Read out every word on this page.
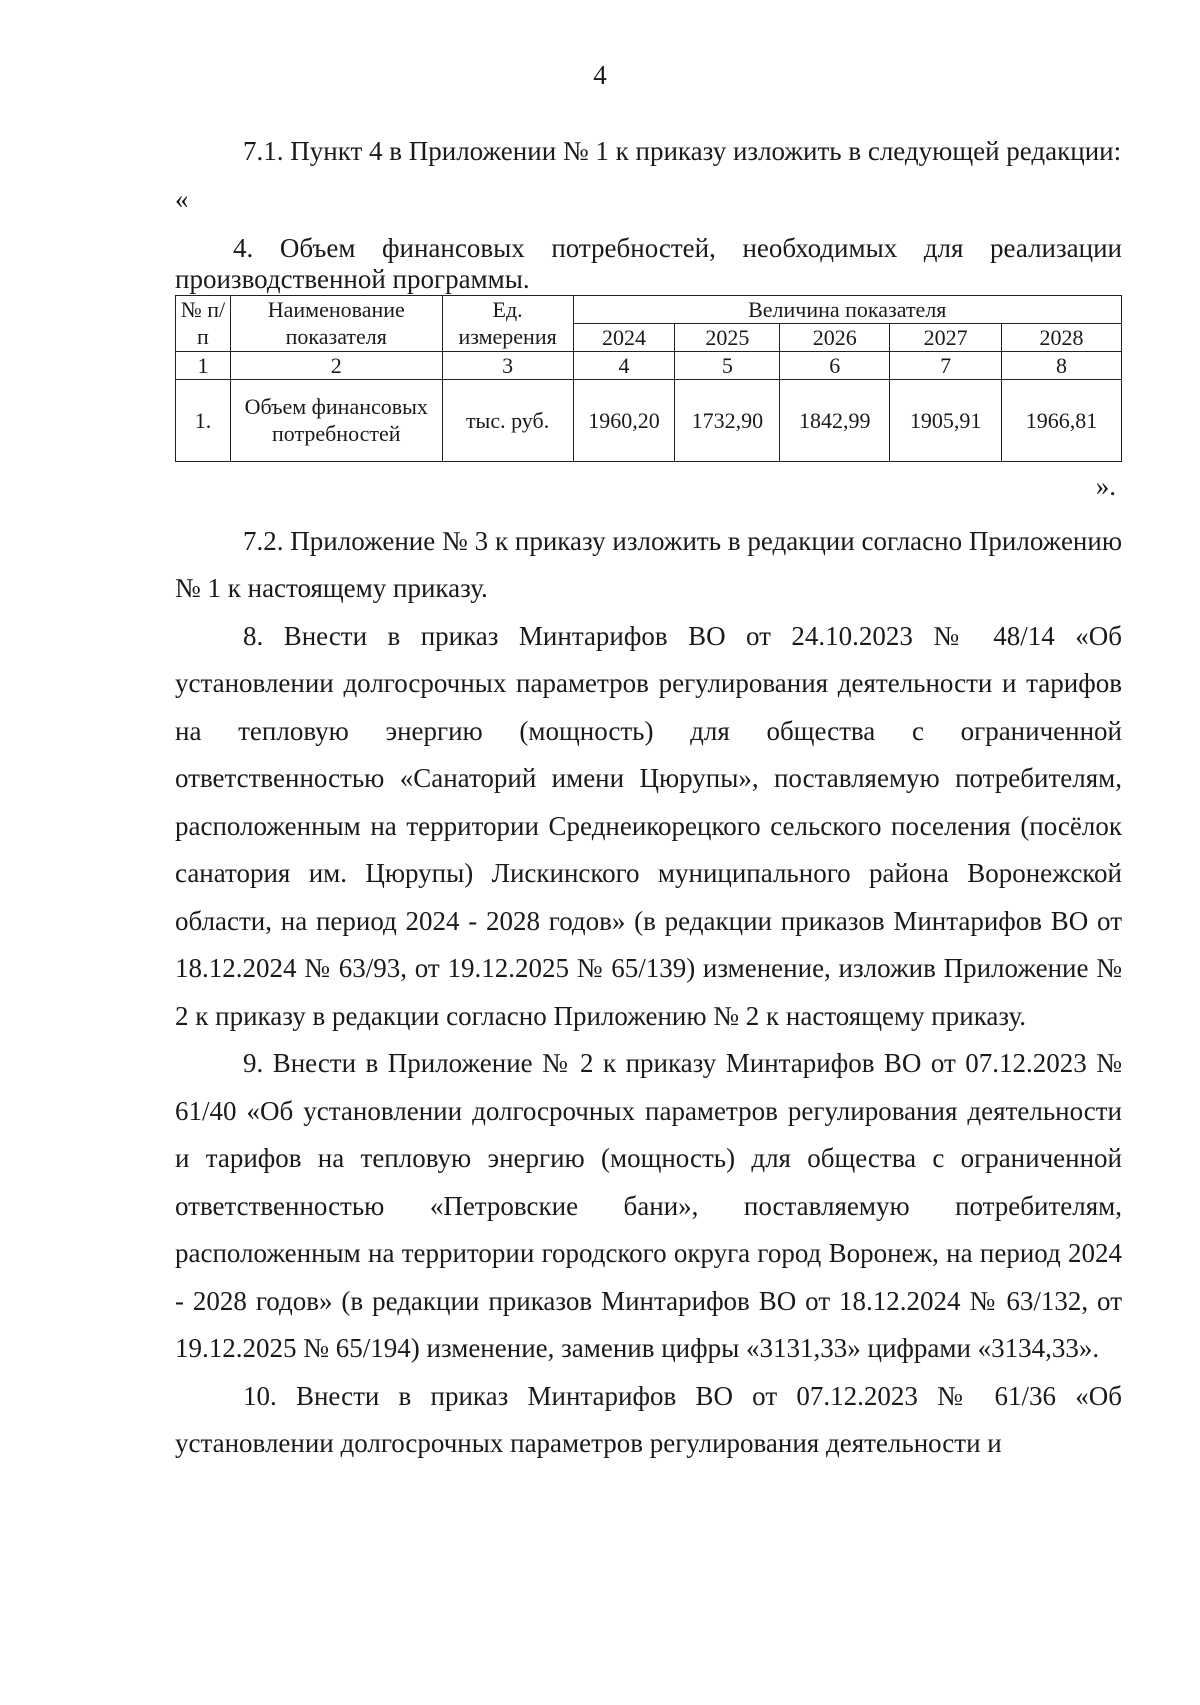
4

7.1. Пункт 4 в Приложении № 1 к приказу изложить в следующей редакции:

«

4. Объем финансовых потребностей, необходимых для реализации производственной программы.

№ п/п	Наименование показателя	Ед. измерения	Величина показателя				
			2024	2025	2026	2027	2028
1	2	3	4	5	6	7	8
1.	Объем финансовых потребностей	тыс. руб.	1960,20	1732,90	1842,99	1905,91	1966,81

».

7.2. Приложение № 3 к приказу изложить в редакции согласно Приложению № 1 к настоящему приказу.

8. Внести в приказ Минтарифов ВО от 24.10.2023 № 48/14 «Об установлении долгосрочных параметров регулирования деятельности и тарифов на тепловую энергию (мощность) для общества с ограниченной ответственностью «Санаторий имени Цюрупы», поставляемую потребителям, расположенным на территории Среднеикорецкого сельского поселения (посёлок санатория им. Цюрупы) Лискинского муниципального района Воронежской области, на период 2024 - 2028 годов» (в редакции приказов Минтарифов ВО от 18.12.2024 № 63/93, от 19.12.2025 № 65/139) изменение, изложив Приложение № 2 к приказу в редакции согласно Приложению № 2 к настоящему приказу.

9. Внести в Приложение № 2 к приказу Минтарифов ВО от 07.12.2023 № 61/40 «Об установлении долгосрочных параметров регулирования деятельности и тарифов на тепловую энергию (мощность) для общества с ограниченной ответственностью «Петровские бани», поставляемую потребителям, расположенным на территории городского округа город Воронеж, на период 2024 - 2028 годов» (в редакции приказов Минтарифов ВО от 18.12.2024 № 63/132, от 19.12.2025 № 65/194) изменение, заменив цифры «3131,33» цифрами «3134,33».

10. Внести в приказ Минтарифов ВО от 07.12.2023 № 61/36 «Об установлении долгосрочных параметров регулирования деятельности и
